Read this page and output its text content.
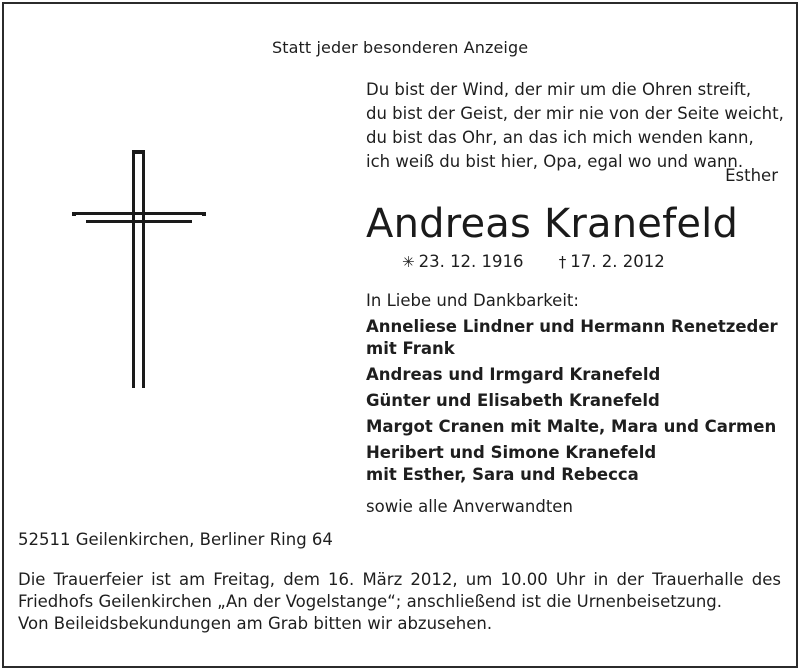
Statt jeder besonderen Anzeige
Du bist der Wind, der mir um die Ohren streift,
du bist der Geist, der mir nie von der Seite weicht,
du bist das Ohr, an das ich mich wenden kann,
ich weiß du bist hier, Opa, egal wo und wann.
Esther
Andreas Kranefeld
✳ 23. 12. 1916 † 17. 2. 2012
In Liebe und Dankbarkeit:
Anneliese Lindner und Hermann Renetzeder
mit Frank
Andreas und Irmgard Kranefeld
Günter und Elisabeth Kranefeld
Margot Cranen mit Malte, Mara und Carmen
Heribert und Simone Kranefeld
mit Esther, Sara und Rebecca
sowie alle Anverwandten
52511 Geilenkirchen, Berliner Ring 64
Die Trauerfeier ist am Freitag, dem 16. März 2012, um 10.00 Uhr in der Trauerhalle des
Friedhofs Geilenkirchen „An der Vogelstange“; anschließend ist die Urnenbeisetzung.
Von Beileidsbekundungen am Grab bitten wir abzusehen.
